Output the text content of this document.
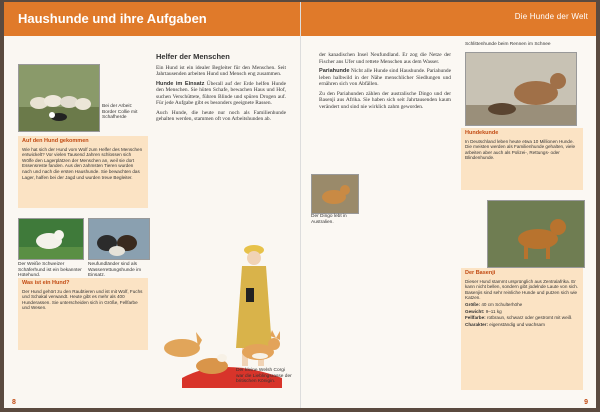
Haushunde und ihre Aufgaben
Bei der Arbeit: Border Collie mit Schafherde
Auf den Hund gekommen
Wie hat sich der Hund vom Wolf zum Helfer des Menschen entwickelt? Vor vielen Tausend Jahren schlossen sich Wölfe den Lagerplätzen der Menschen an, weil sie dort Essensreste fanden. Aus den zahmsten Tieren wurden nach und nach die ersten Haushunde. Sie bewachten das Lager, halfen bei der Jagd und wurden treue Begleiter.
Der Weiße Schweizer Schäferhund ist ein bekannter Hütehund.
Neufundländer sind als Wasserrettungshunde im Einsatz.
Was ist ein Hund?
Der Hund gehört zu den Raubtieren und ist mit Wolf, Fuchs und Schakal verwandt. Heute gibt es mehr als 400 Hunderassen. Sie unterscheiden sich in Größe, Fellfarbe und Wesen.
Helfer der Menschen

Ein Hund ist ein idealer Begleiter für den Menschen. Seit Jahrtausenden arbeiten Hund und Mensch eng zusammen.

Hunde im Einsatz Überall auf der Erde helfen Hunde den Menschen. Sie hüten Schafe, bewachen Haus und Hof, suchen Verschüttete, führen Blinde und spüren Drogen auf. Für jede Aufgabe gibt es besonders geeignete Rassen.

Auch Hunde, die heute nur noch als Familienhunde gehalten werden, stammen oft von Arbeitshunden ab.

Der kleine Welsh Corgi war die Lieblingsrasse der britischen Königin.
8
Die Hunde der Welt

der kanadischen Insel Neufundland. Er zog die Netze der Fischer ans Ufer und rettete Menschen aus dem Wasser.

Pariahunde Nicht alle Hunde sind Haushunde. Pariahunde leben halbwild in der Nähe menschlicher Siedlungen und ernähren sich von Abfällen.

Zu den Pariahunden zählen der australische Dingo und der Basenji aus Afrika. Sie haben sich seit Jahrtausenden kaum verändert und sind nie wirklich zahm geworden.

Der Dingo lebt in Australien.
Schlittenhunde beim Rennen im Schnee
Hundekunde
In Deutschland leben heute etwa 10 Millionen Hunde. Die meisten werden als Familienhunde gehalten, viele arbeiten aber auch als Polizei-, Rettungs- oder Blindenhunde.
Der Basenji
Dieser Hund stammt ursprünglich aus Zentralafrika. Er kann nicht bellen, sondern gibt jodelnde Laute von sich. Basenjis sind sehr reinliche Hunde und putzen sich wie Katzen.
Größe: 40 cm Schulterhöhe
Gewicht: 9–11 kg
Fellfarbe: rotbraun, schwarz oder gestromt mit weiß
Charakter: eigenständig und wachsam
9
